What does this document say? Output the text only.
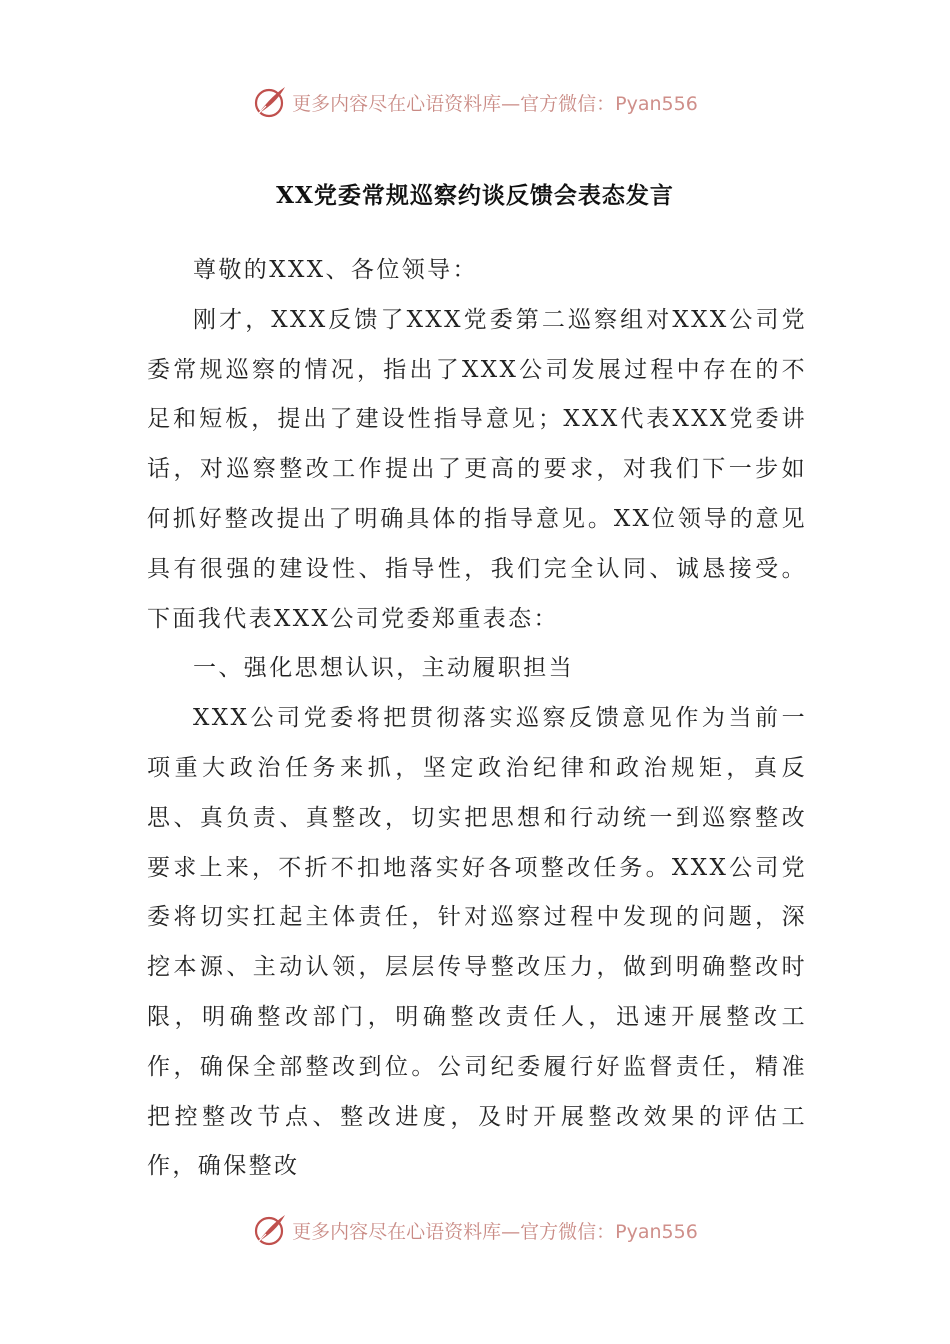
更多内容尽在心语资料库—官方微信：Pyan556
XX党委常规巡察约谈反馈会表态发言

尊敬的XXX、各位领导：

刚才，XXX反馈了XXX党委第二巡察组对XXX公司党委常规巡察的情况，指出了XXX公司发展过程中存在的不足和短板，提出了建设性指导意见；XXX代表XXX党委讲话，对巡察整改工作提出了更高的要求，对我们下一步如何抓好整改提出了明确具体的指导意见。XX位领导的意见具有很强的建设性、指导性，我们完全认同、诚恳接受。下面我代表XXX公司党委郑重表态：

一、强化思想认识，主动履职担当

XXX公司党委将把贯彻落实巡察反馈意见作为当前一项重大政治任务来抓，坚定政治纪律和政治规矩，真反思、真负责、真整改，切实把思想和行动统一到巡察整改要求上来，不折不扣地落实好各项整改任务。XXX公司党委将切实扛起主体责任，针对巡察过程中发现的问题，深挖本源、主动认领，层层传导整改压力，做到明确整改时限，明确整改部门，明确整改责任人，迅速开展整改工作，确保全部整改到位。公司纪委履行好监督责任，精准把控整改节点、整改进度，及时开展整改效果的评估工作，确保整改

更多内容尽在心语资料库—官方微信：Pyan556
